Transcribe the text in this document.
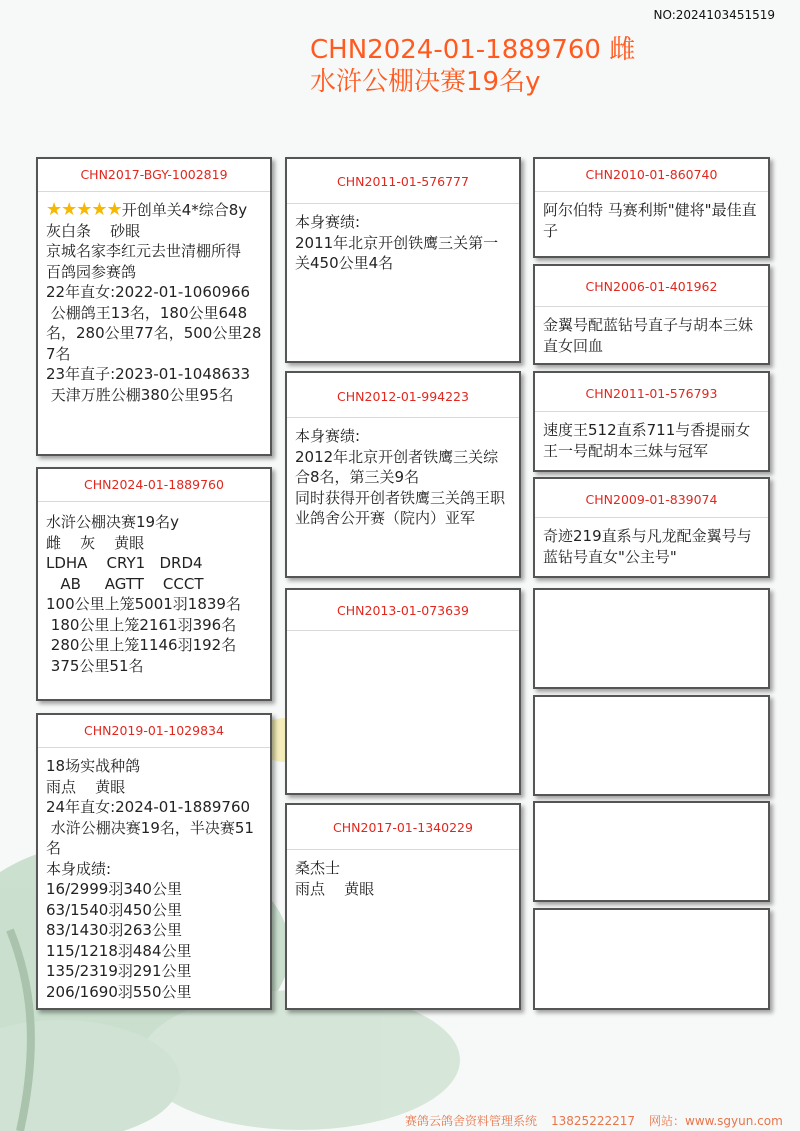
NO:2024103451519
CHN2024-01-1889760 雌
水浒公棚决赛19名y
CHN2017-BGY-1002819
★★★★★开创单关4*综合8y
灰白条    砂眼
京城名家李红元去世清棚所得
百鸽园参赛鸽
22年直女:2022-01-1060966
公棚鸽王13名，180公里648名，280公里77名，500公里287名
23年直子:2023-01-1048633
天津万胜公棚380公里95名
CHN2024-01-1889760
水浒公棚决赛19名y
雌    灰    黄眼
LDHA    CRY1   DRD4
AB     AGTT    CCCT
100公里上笼5001羽1839名
180公里上笼2161羽396名
280公里上笼1146羽192名
375公里51名
CHN2019-01-1029834
18场实战种鸽
雨点    黄眼
24年直女:2024-01-1889760
水浒公棚决赛19名，半决赛51名
本身成绩:
16/2999羽340公里
63/1540羽450公里
83/1430羽263公里
115/1218羽484公里
135/2319羽291公里
206/1690羽550公里
CHN2011-01-576777
本身赛绩:
2011年北京开创铁鹰三关第一关450公里4名
CHN2012-01-994223
本身赛绩:
2012年北京开创者铁鹰三关综合8名，第三关9名
同时获得开创者铁鹰三关鸽王职业鸽舍公开赛（院内）亚军
CHN2013-01-073639
CHN2017-01-1340229
桑杰士
雨点    黄眼
CHN2010-01-860740
阿尔伯特 马赛利斯"健将"最佳直子
CHN2006-01-401962
金翼号配蓝钻号直子与胡本三妹直女回血
CHN2011-01-576793
速度王512直系711与香提丽女王一号配胡本三妹与冠军
CHN2009-01-839074
奇迹219直系与凡龙配金翼号与蓝钻号直女"公主号"
赛鸽云鸽舍资料管理系统 13825222217 网站：www.sgyun.com
